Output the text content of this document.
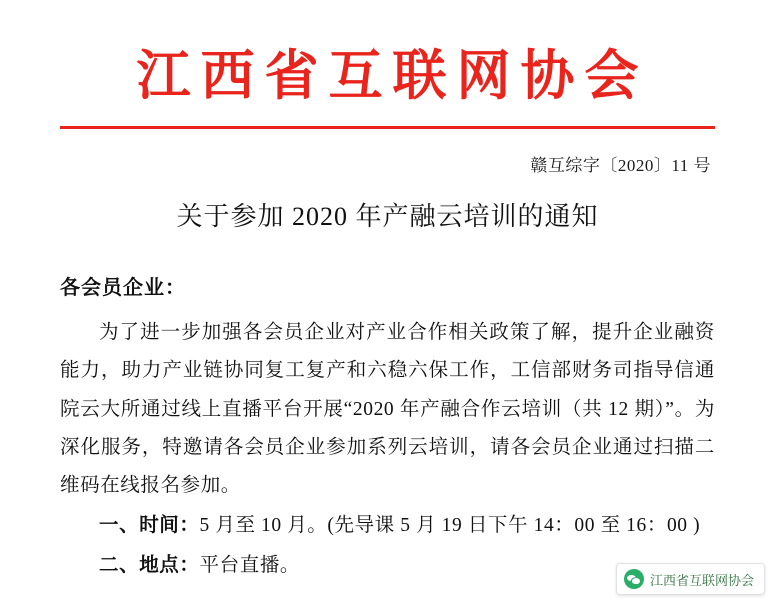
江西省互联网协会
赣互综字〔2020〕11 号
关于参加 2020 年产融云培训的通知
各会员企业：
为了进一步加强各会员企业对产业合作相关政策了解，提升企业融资能力，助力产业链协同复工复产和六稳六保工作，工信部财务司指导信通院云大所通过线上直播平台开展“2020 年产融合作云培训（共 12 期）”。为深化服务，特邀请各会员企业参加系列云培训，请各会员企业通过扫描二维码在线报名参加。
一、时间：5 月至 10 月。(先导课 5 月 19 日下午 14：00 至 16：00 )
二、地点：平台直播。
江西省互联网协会
